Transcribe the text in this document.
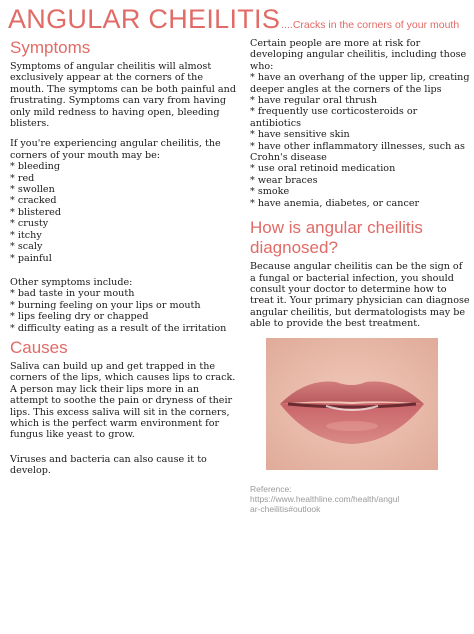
ANGULAR CHEILITIS....Cracks in the corners of your mouth
Symptoms

Symptoms of angular cheilitis will almost exclusively appear at the corners of the mouth. The symptoms can be both painful and frustrating. Symptoms can vary from having only mild redness to having open, bleeding blisters.

If you're experiencing angular cheilitis, the corners of your mouth may be:

* bleeding
* red
* swollen
* cracked
* blistered
* crusty
* itchy
* scaly
* painful

Other symptoms include:

* bad taste in your mouth
* burning feeling on your lips or mouth
* lips feeling dry or chapped
* difficulty eating as a result of the irritation
Causes

Saliva can build up and get trapped in the corners of the lips, which causes lips to crack. A person may lick their lips more in an attempt to soothe the pain or dryness of their lips. This excess saliva will sit in the corners, which is the perfect warm environment for fungus like yeast to grow.

Viruses and bacteria can also cause it to develop.

Certain people are more at risk for developing angular cheilitis, including those who:

* have an overhang of the upper lip, creating deeper angles at the corners of the lips
* have regular oral thrush
* frequently use corticosteroids or antibiotics
* have sensitive skin
* have other inflammatory illnesses, such as Crohn's disease
* use oral retinoid medication
* wear braces
* smoke
* have anemia, diabetes, or cancer
How is angular cheilitis diagnosed?

Because angular cheilitis can be the sign of a fungal or bacterial infection, you should consult your doctor to determine how to treat it. Your primary physician can diagnose angular cheilitis, but dermatologists may be able to provide the best treatment.

Reference:
https://www.healthline.com/health/angular-cheilitis#outlook
